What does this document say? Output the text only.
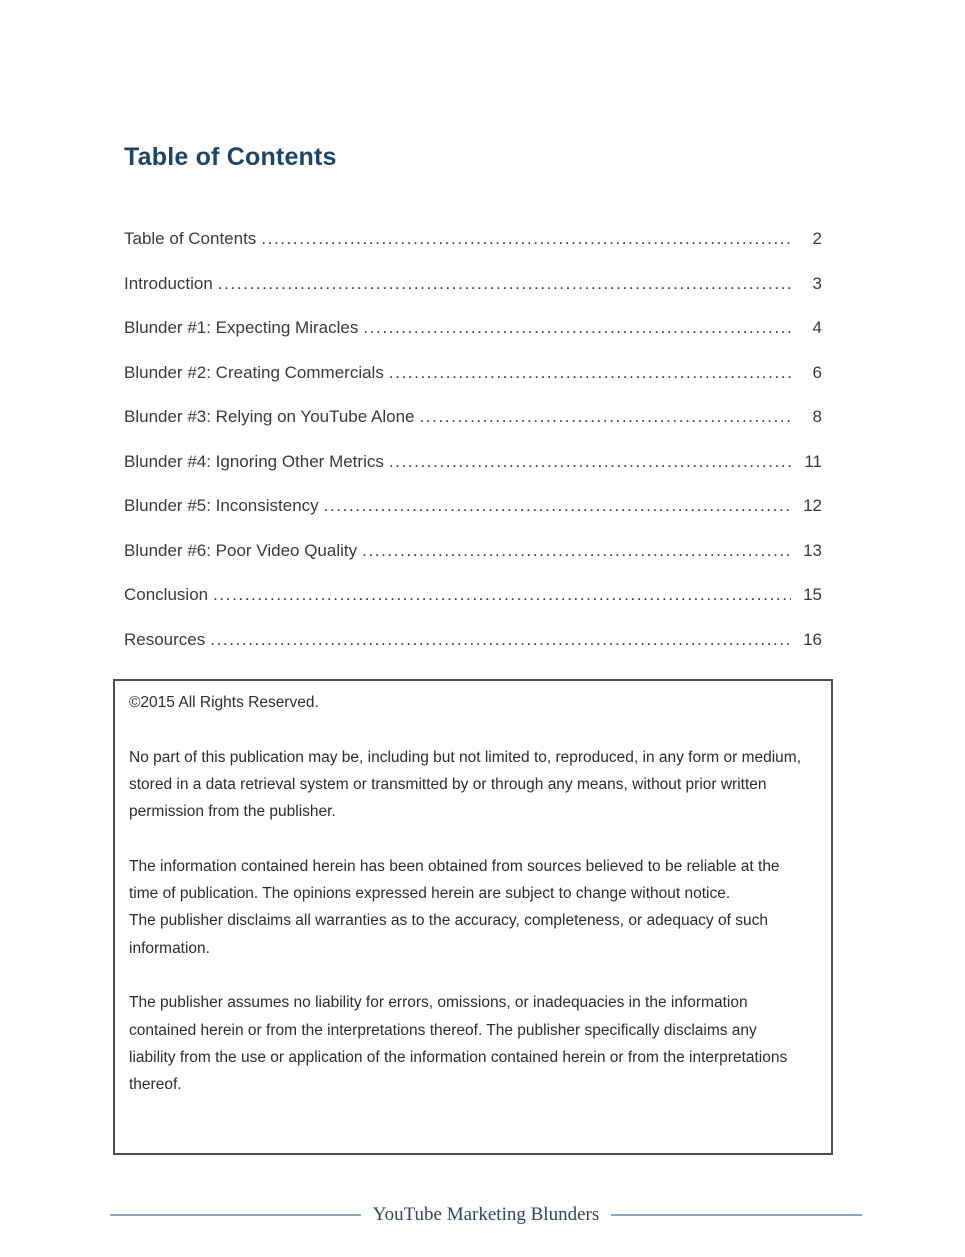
Table of Contents
Table of Contents .....	2
Introduction .....	3
Blunder #1: Expecting Miracles .....	4
Blunder #2: Creating Commercials .....	6
Blunder #3: Relying on YouTube Alone .....	8
Blunder #4: Ignoring Other Metrics .....	11
Blunder #5: Inconsistency .....	12
Blunder #6: Poor Video Quality .....	13
Conclusion .....	15
Resources .....	16

©2015 All Rights Reserved.

No part of this publication may be, including but not limited to, reproduced, in any form or medium, stored in a data retrieval system or transmitted by or through any means, without prior written permission from the publisher.

The information contained herein has been obtained from sources believed to be reliable at the time of publication. The opinions expressed herein are subject to change without notice.

The publisher disclaims all warranties as to the accuracy, completeness, or adequacy of such information.

The publisher assumes no liability for errors, omissions, or inadequacies in the information contained herein or from the interpretations thereof. The publisher specifically disclaims any liability from the use or application of the information contained herein or from the interpretations thereof.

YouTube Marketing Blunders
